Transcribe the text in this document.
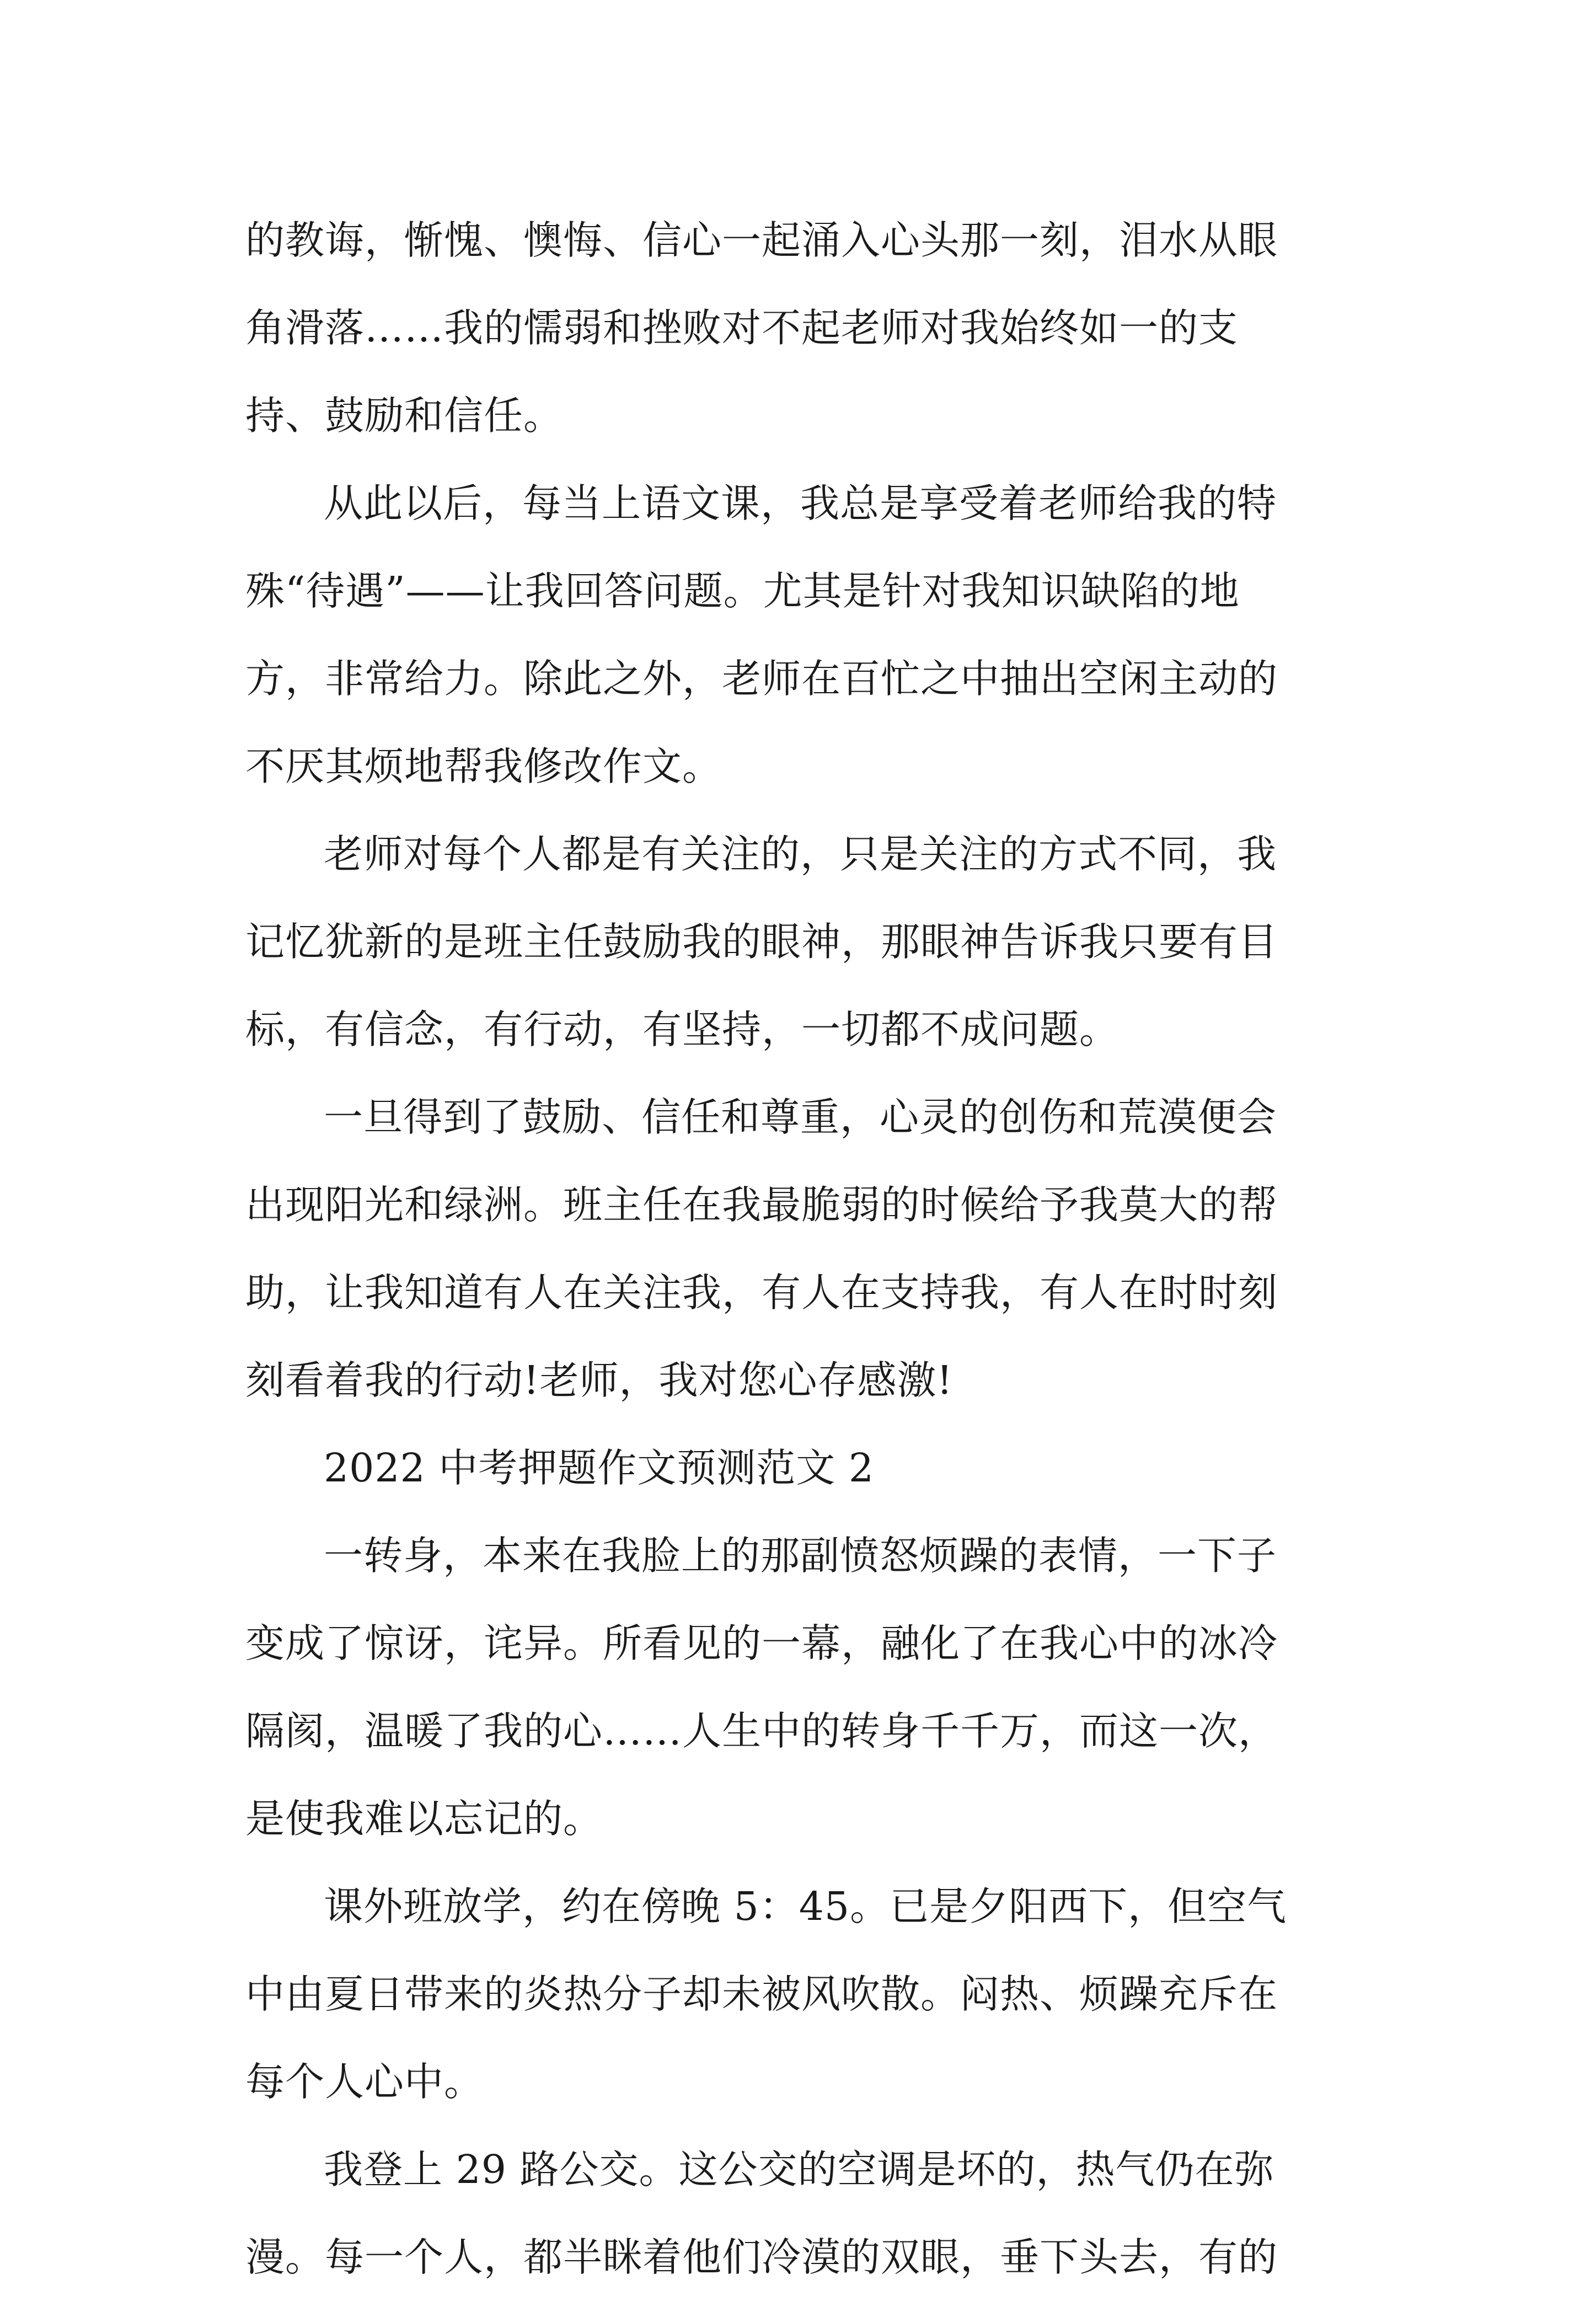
的教诲，惭愧、懊悔、信心一起涌入心头那一刻，泪水从眼
角滑落……我的懦弱和挫败对不起老师对我始终如一的支
持、鼓励和信任。

从此以后，每当上语文课，我总是享受着老师给我的特
殊“待遇”——让我回答问题。尤其是针对我知识缺陷的地
方，非常给力。除此之外，老师在百忙之中抽出空闲主动的
不厌其烦地帮我修改作文。

老师对每个人都是有关注的，只是关注的方式不同，我
记忆犹新的是班主任鼓励我的眼神，那眼神告诉我只要有目
标，有信念，有行动，有坚持，一切都不成问题。

一旦得到了鼓励、信任和尊重，心灵的创伤和荒漠便会
出现阳光和绿洲。班主任在我最脆弱的时候给予我莫大的帮
助，让我知道有人在关注我，有人在支持我，有人在时时刻
刻看着我的行动!老师，我对您心存感激!

2022 中考押题作文预测范文 2

一转身，本来在我脸上的那副愤怒烦躁的表情，一下子
变成了惊讶，诧异。所看见的一幕，融化了在我心中的冰冷
隔阂，温暖了我的心……人生中的转身千千万，而这一次，
是使我难以忘记的。

课外班放学，约在傍晚 5：45。已是夕阳西下，但空气
中由夏日带来的炎热分子却未被风吹散。闷热、烦躁充斥在
每个人心中。

我登上 29 路公交。这公交的空调是坏的，热气仍在弥
漫。每一个人，都半眯着他们冷漠的双眼，垂下头去，有的
